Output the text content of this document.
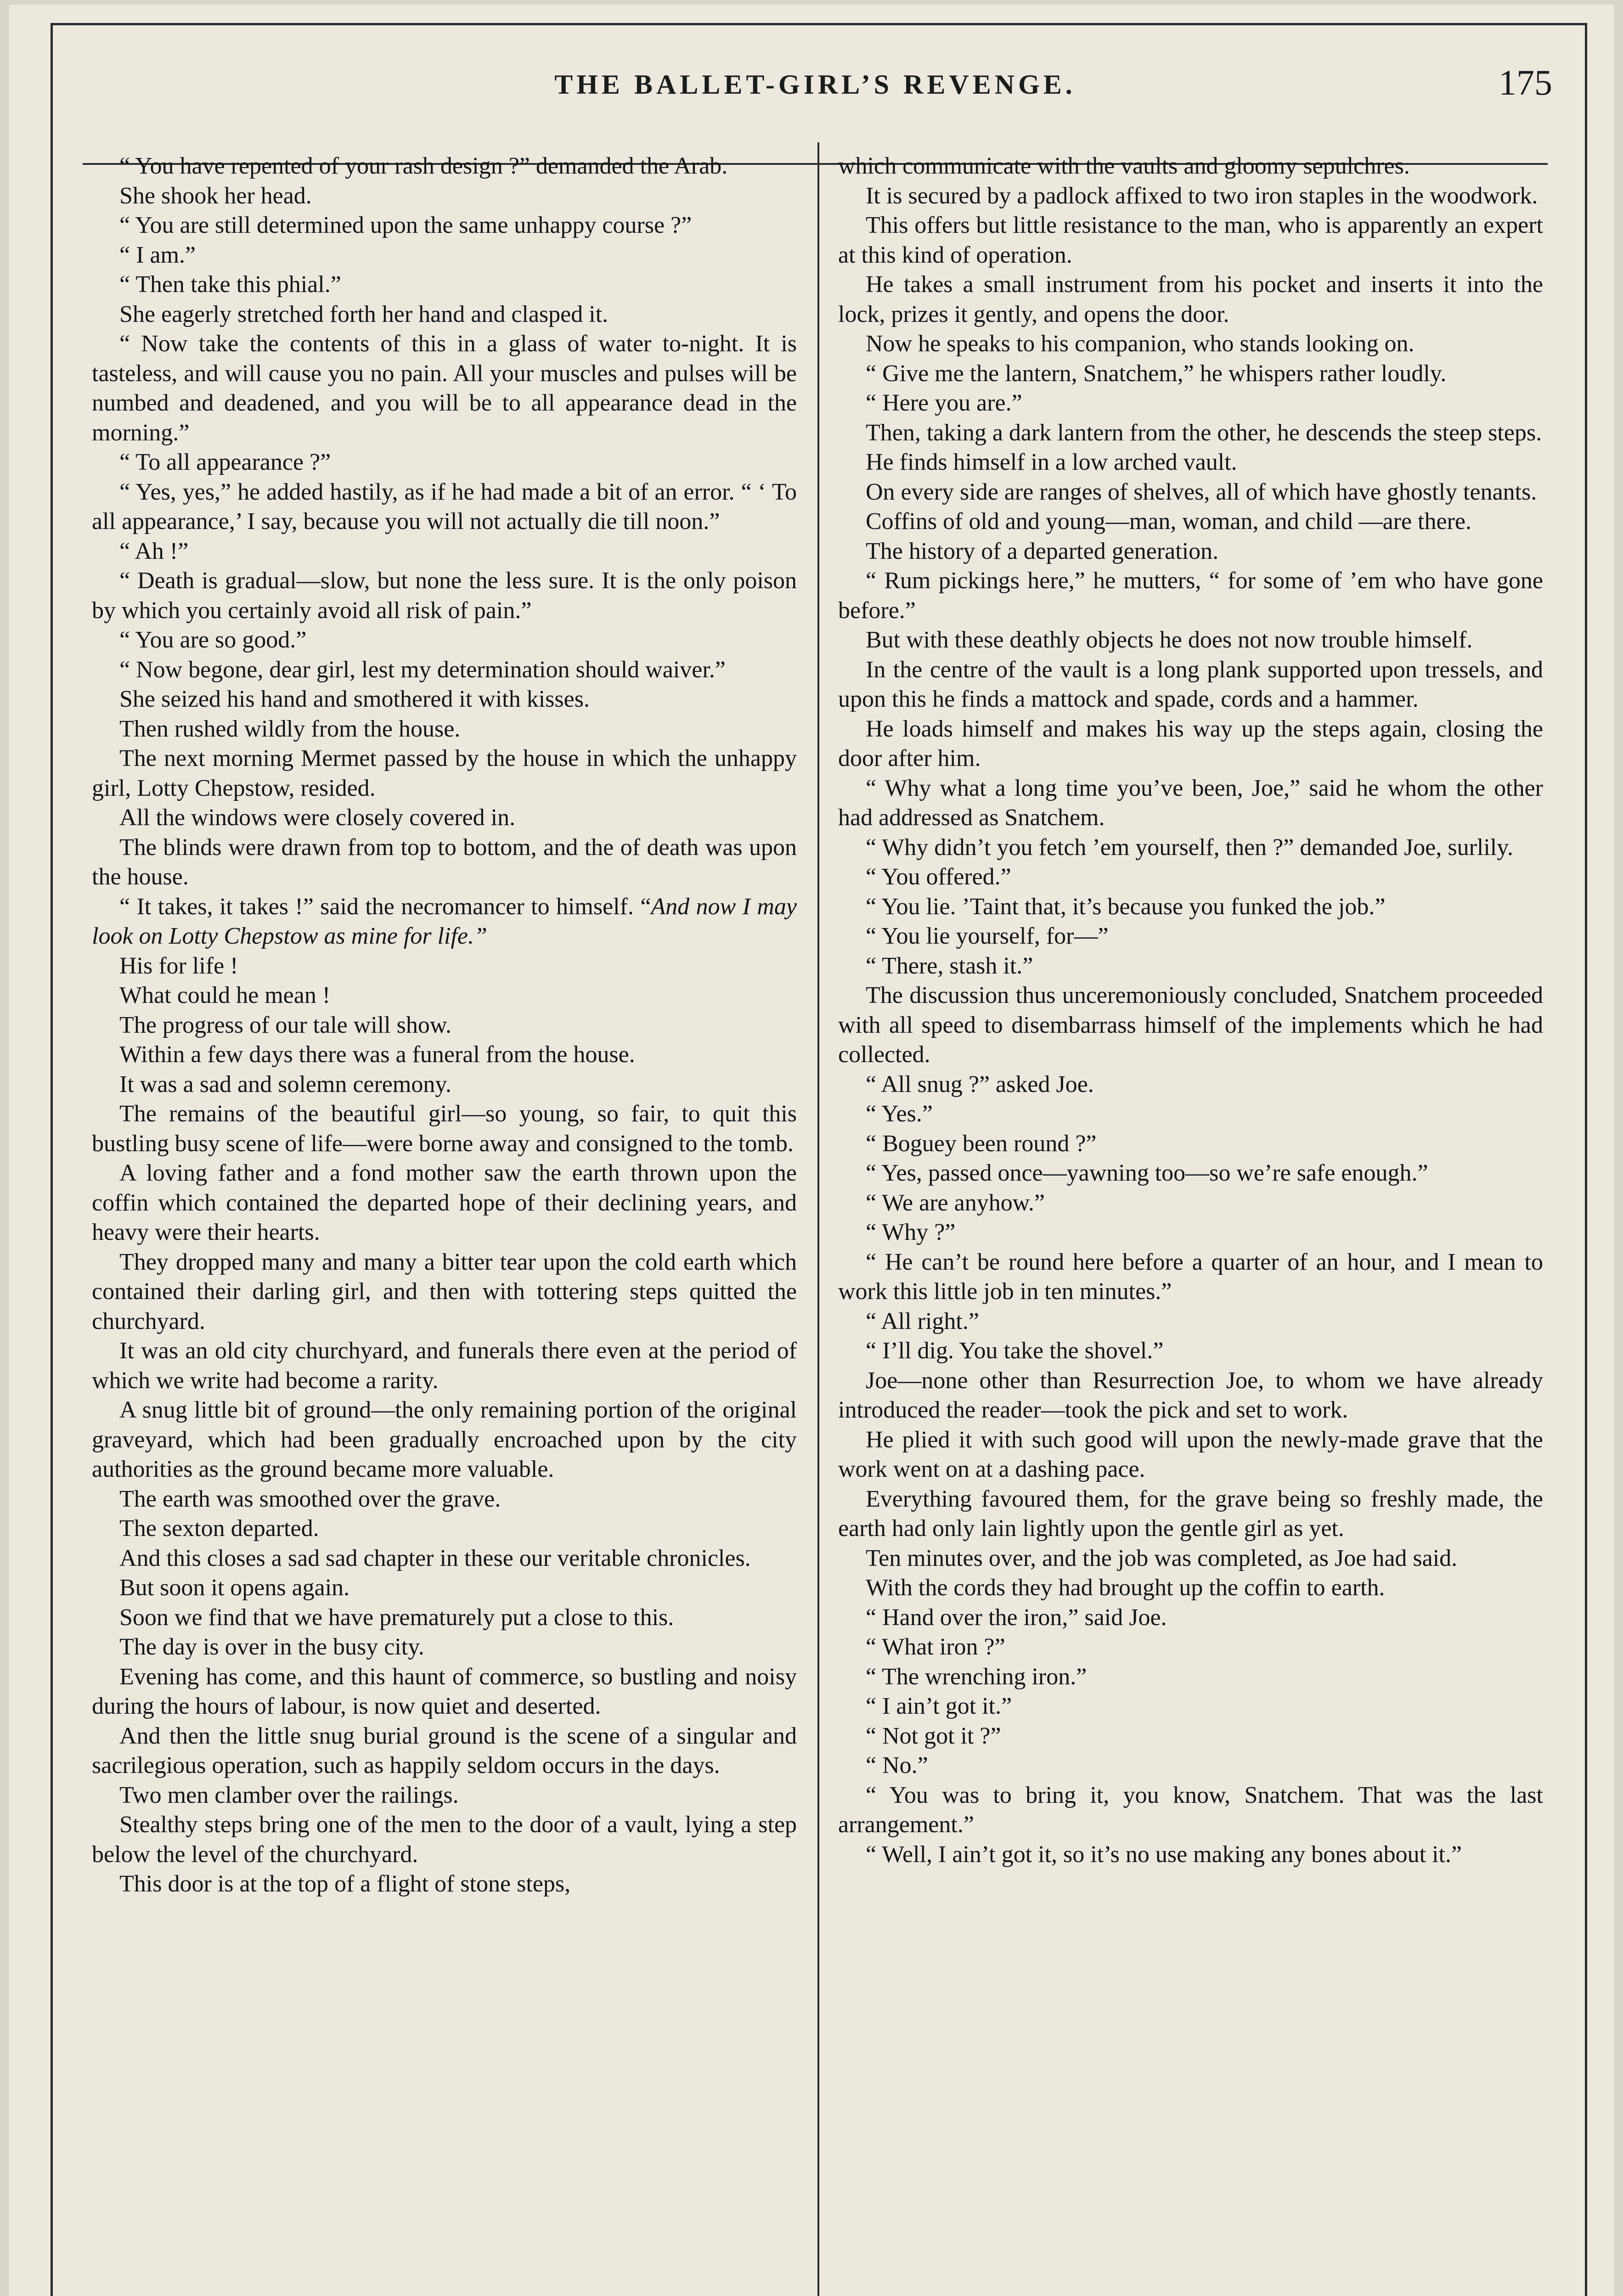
THE BALLET-GIRL’S REVENGE.	175

“ You have repented of your rash design ?” demanded the Arab.

She shook her head.

“ You are still determined upon the same unhappy course ?”

“ I am.”

“ Then take this phial.”

She eagerly stretched forth her hand and clasped it.

“ Now take the contents of this in a glass of water to-night. It is tasteless, and will cause you no pain. All your muscles and pulses will be numbed and deadened, and you will be to all appearance dead in the morning.”

“ To all appearance ?”

“ Yes, yes,” he added hastily, as if he had made a bit of an error. “ ‘ To all appearance,’ I say, because you will not actually die till noon.”

“ Ah !”

“ Death is gradual—slow, but none the less sure. It is the only poison by which you certainly avoid all risk of pain.”

“ You are so good.”

“ Now begone, dear girl, lest my determination should waiver.”

She seized his hand and smothered it with kisses.

Then rushed wildly from the house.

The next morning Mermet passed by the house in which the unhappy girl, Lotty Chepstow, resided.

All the windows were closely covered in.

The blinds were drawn from top to bottom, and the of death was upon the house.

“ It takes, it takes !” said the necromancer to himself. “And now I may look on Lotty Chepstow as mine for life.”

His for life !

What could he mean !

The progress of our tale will show.

Within a few days there was a funeral from the house.

It was a sad and solemn ceremony.

The remains of the beautiful girl—so young, so fair, to quit this bustling busy scene of life—were borne away and consigned to the tomb.

A loving father and a fond mother saw the earth thrown upon the coffin which contained the departed hope of their declining years, and heavy were their hearts.

They dropped many and many a bitter tear upon the cold earth which contained their darling girl, and then with tottering steps quitted the churchyard.

It was an old city churchyard, and funerals there even at the period of which we write had become a rarity.

A snug little bit of ground—the only remaining portion of the original graveyard, which had been gradually encroached upon by the city authorities as the ground became more valuable.

The earth was smoothed over the grave.

The sexton departed.

And this closes a sad sad chapter in these our veritable chronicles.

But soon it opens again.

Soon we find that we have prematurely put a close to this.

The day is over in the busy city.

Evening has come, and this haunt of commerce, so bustling and noisy during the hours of labour, is now quiet and deserted.

And then the little snug burial ground is the scene of a singular and sacrilegious operation, such as happily seldom occurs in the days.

Two men clamber over the railings.

Stealthy steps bring one of the men to the door of a vault, lying a step below the level of the churchyard.

This door is at the top of a flight of stone steps,

which communicate with the vaults and gloomy sepulchres.

It is secured by a padlock affixed to two iron staples in the woodwork.

This offers but little resistance to the man, who is apparently an expert at this kind of operation.

He takes a small instrument from his pocket and inserts it into the lock, prizes it gently, and opens the door.

Now he speaks to his companion, who stands looking on.

“ Give me the lantern, Snatchem,” he whispers rather loudly.

“ Here you are.”

Then, taking a dark lantern from the other, he descends the steep steps.

He finds himself in a low arched vault.

On every side are ranges of shelves, all of which have ghostly tenants.

Coffins of old and young—man, woman, and child —are there.

The history of a departed generation.

“ Rum pickings here,” he mutters, “ for some of ’em who have gone before.”

But with these deathly objects he does not now trouble himself.

In the centre of the vault is a long plank supported upon tressels, and upon this he finds a mattock and spade, cords and a hammer.

He loads himself and makes his way up the steps again, closing the door after him.

“ Why what a long time you’ve been, Joe,” said he whom the other had addressed as Snatchem.

“ Why didn’t you fetch ’em yourself, then ?” demanded Joe, surlily.

“ You offered.”

“ You lie. ’Taint that, it’s because you funked the job.”

“ You lie yourself, for—”

“ There, stash it.”

The discussion thus unceremoniously concluded, Snatchem proceeded with all speed to disembarrass himself of the implements which he had collected.

“ All snug ?” asked Joe.

“ Yes.”

“ Boguey been round ?”

“ Yes, passed once—yawning too—so we’re safe enough.”

“ We are anyhow.”

“ Why ?”

“ He can’t be round here before a quarter of an hour, and I mean to work this little job in ten minutes.”

“ All right.”

“ I’ll dig. You take the shovel.”

Joe—none other than Resurrection Joe, to whom we have already introduced the reader—took the pick and set to work.

He plied it with such good will upon the newly-made grave that the work went on at a dashing pace.

Everything favoured them, for the grave being so freshly made, the earth had only lain lightly upon the gentle girl as yet.

Ten minutes over, and the job was completed, as Joe had said.

With the cords they had brought up the coffin to earth.

“ Hand over the iron,” said Joe.

“ What iron ?”

“ The wrenching iron.”

“ I ain’t got it.”

“ Not got it ?”

“ No.”

“ You was to bring it, you know, Snatchem. That was the last arrangement.”

“ Well, I ain’t got it, so it’s no use making any bones about it.”
